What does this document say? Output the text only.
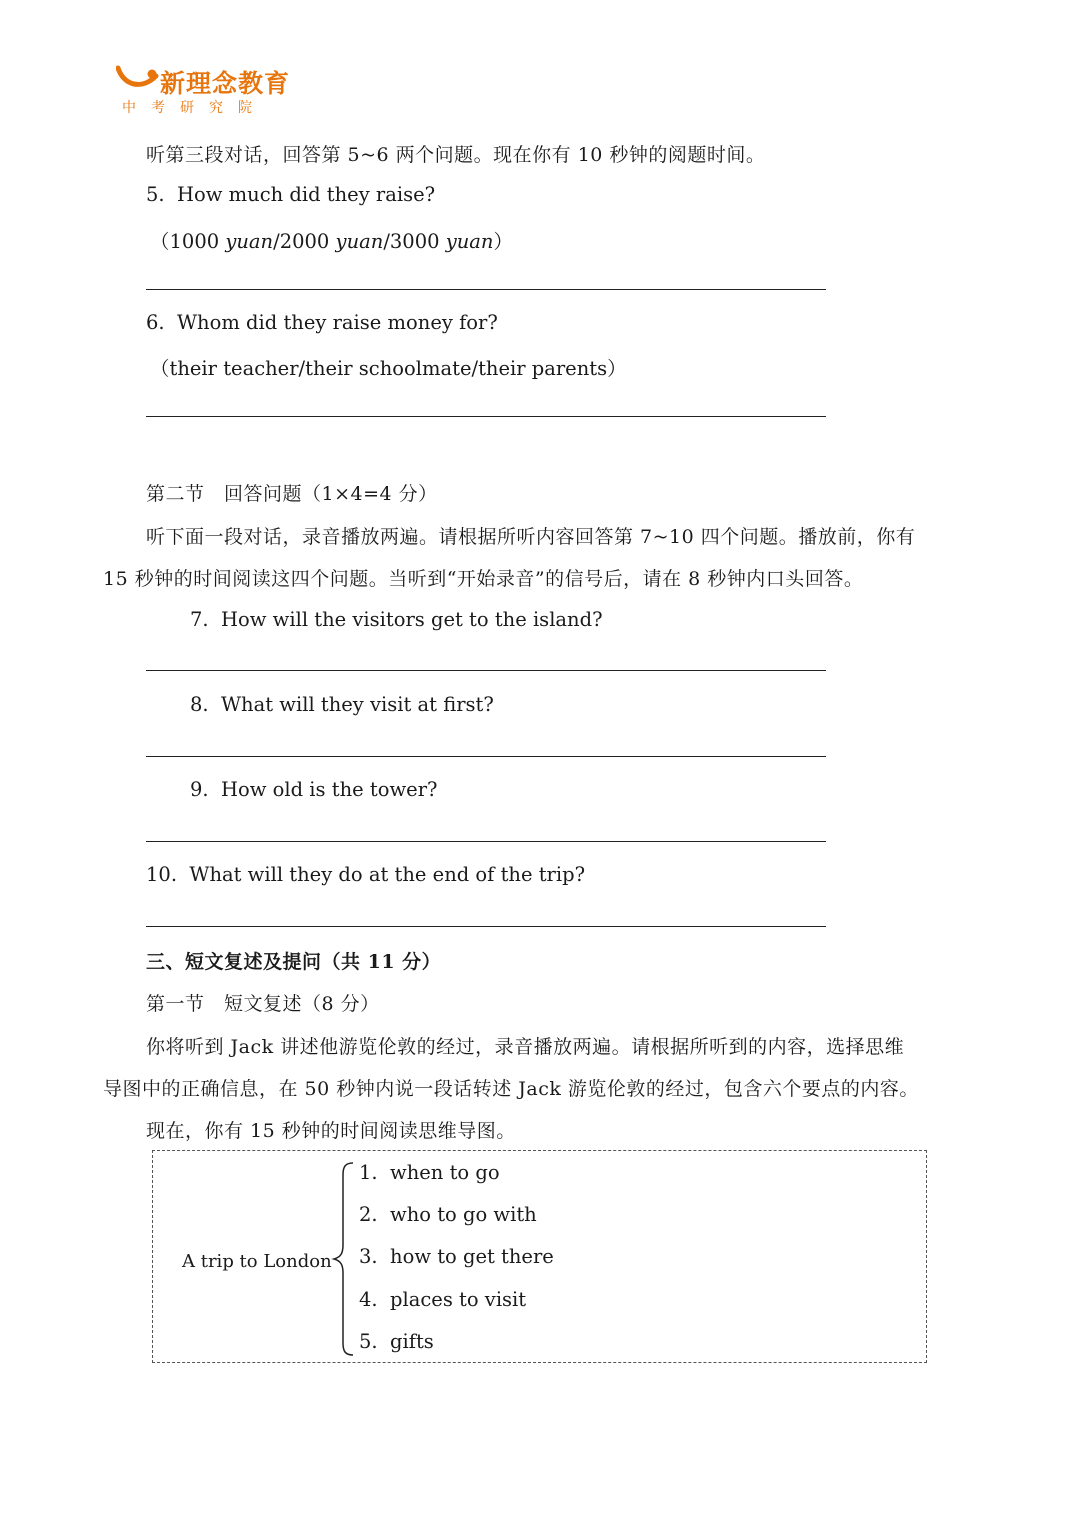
新理念教育
中考研究院
听第三段对话，回答第 5~6 两个问题。现在你有 10 秒钟的阅题时间。
5. How much did they raise?
（1000 yuan/2000 yuan/3000 yuan）
6. Whom did they raise money for?
（their teacher/their schoolmate/their parents）
第二节　回答问题（1×4=4 分）
听下面一段对话，录音播放两遍。请根据所听内容回答第 7~10 四个问题。播放前，你有
15 秒钟的时间阅读这四个问题。当听到“开始录音”的信号后，请在 8 秒钟内口头回答。
7. How will the visitors get to the island?
8. What will they visit at first?
9. How old is the tower?
10. What will they do at the end of the trip?
三、短文复述及提问（共 11 分）
第一节　短文复述（8 分）
你将听到 Jack 讲述他游览伦敦的经过，录音播放两遍。请根据所听到的内容，选择思维
导图中的正确信息，在 50 秒钟内说一段话转述 Jack 游览伦敦的经过，包含六个要点的内容。
现在，你有 15 秒钟的时间阅读思维导图。
A trip to London
1. when to go
2. who to go with
3. how to get there
4. places to visit
5. gifts
